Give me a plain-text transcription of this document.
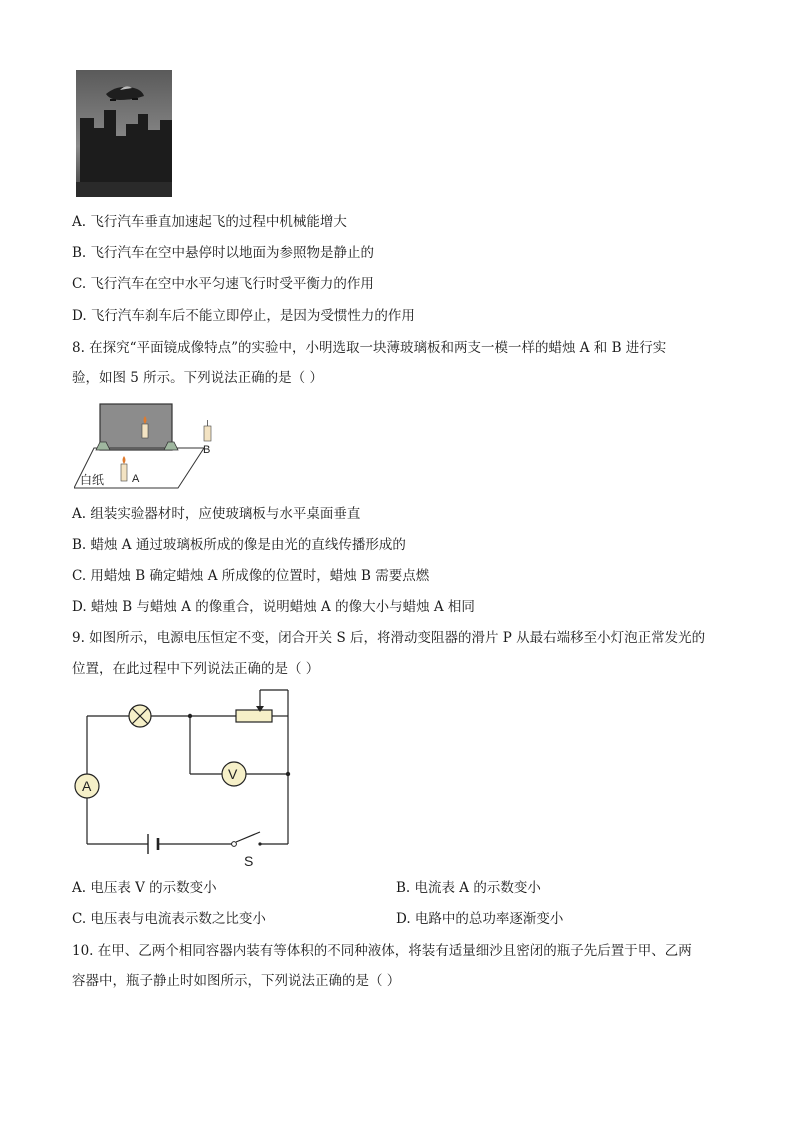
A. 飞行汽车垂直加速起飞的过程中机械能增大
B. 飞行汽车在空中悬停时以地面为参照物是静止的
C. 飞行汽车在空中水平匀速飞行时受平衡力的作用
D. 飞行汽车刹车后不能立即停止，是因为受惯性力的作用
8. 在探究“平面镜成像特点”的实验中，小明选取一块薄玻璃板和两支一模一样的蜡烛 A 和 B 进行实
验，如图 5 所示。下列说法正确的是（ ）
白纸	A
B
A. 组装实验器材时，应使玻璃板与水平桌面垂直
B. 蜡烛 A 通过玻璃板所成的像是由光的直线传播形成的
C. 用蜡烛 B 确定蜡烛 A 所成像的位置时，蜡烛 B 需要点燃
D. 蜡烛 B 与蜡烛 A 的像重合，说明蜡烛 A 的像大小与蜡烛 A 相同
9. 如图所示，电源电压恒定不变，闭合开关 S 后，将滑动变阻器的滑片 P 从最右端移至小灯泡正常发光的
位置，在此过程中下列说法正确的是（ ）
V
A
S
A. 电压表 V 的示数变小	B. 电流表 A 的示数变小
C. 电压表与电流表示数之比变小	D. 电路中的总功率逐渐变小
10. 在甲、乙两个相同容器内装有等体积的不同种液体，将装有适量细沙且密闭的瓶子先后置于甲、乙两
容器中，瓶子静止时如图所示，下列说法正确的是（ ）
